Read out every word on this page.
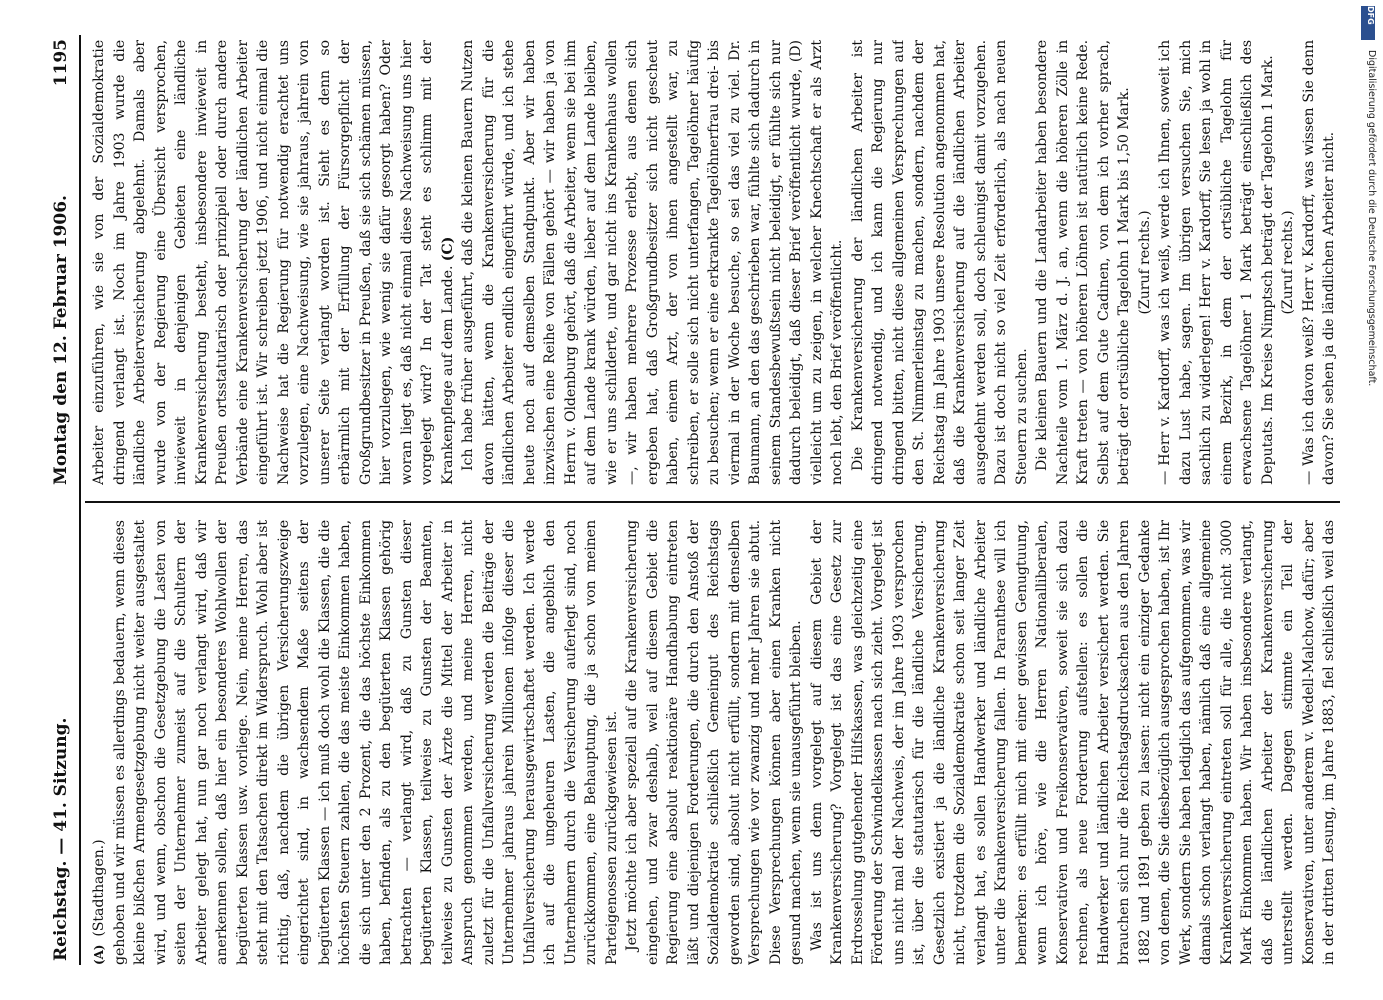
Reichstag. — 41. Sitzung.
Montag den 12. Februar 1906.
1195

(A)(Stadthagen.) gehoben und wir müssen es allerdings bedauern, wenn dieses kleine bißchen Armengesetzgebung nicht weiter ausgestaltet wird, und wenn, obschon die Gesetzgebung die Lasten von seiten der Unternehmer zumeist auf die Schultern der Arbeiter gelegt hat, nun gar noch verlangt wird, daß wir anerkennen sollen, daß hier ein besonderes Wohlwollen der begüterten Klassen usw. vorliege. Nein, meine Herren, das steht mit den Tatsachen direkt im Widerspruch. Wohl aber ist richtig, daß, nachdem die übrigen Versicherungszweige eingerichtet sind, in wachsendem Maße seitens der begüterten Klassen — ich muß doch wohl die Klassen, die die höchsten Steuern zahlen, die das meiste Einkommen haben, die sich unter den 2 Prozent, die das höchste Einkommen haben, befinden, als zu den begüterten Klassen gehörig betrachten — verlangt wird, daß zu Gunsten dieser begüterten Klassen, teilweise zu Gunsten der Beamten, teilweise zu Gunsten der Ärzte die Mittel der Arbeiter in Anspruch genommen werden, und meine Herren, nicht zuletzt für die Unfallversicherung werden die Beiträge der Unternehmer jahraus jahrein Millionen infolge dieser die Unfallversicherung herausgewirtschaftet werden. Ich werde ich auf die ungeheuren Lasten, die angeblich den Unternehmern durch die Versicherung auferlegt sind, noch zurückkommen, eine Behauptung, die ja schon von meinen Parteigenossen zurückgewiesen ist. Jetzt möchte ich aber speziell auf die Krankenversicherung eingehen, und zwar deshalb, weil auf diesem Gebiet die Regierung eine absolut reaktionäre Handhabung eintreten läßt und diejenigen Forderungen, die durch den Anstoß der Sozialdemokratie schließlich Gemeingut des Reichstags geworden sind, absolut nicht erfüllt, sondern mit denselben Versprechungen wie vor zwanzig und mehr Jahren sie abtut. Diese Versprechungen können aber einen Kranken nicht gesund machen, wenn sie unausgeführt bleiben. Was ist uns denn vorgelegt auf diesem Gebiet der Krankenversicherung? Vorgelegt ist das eine Gesetz zur Erdrosselung gutgehender Hilfskassen, was gleichzeitig eine Förderung der Schwindelkassen nach sich zieht. Vorgelegt ist uns nicht mal der Nachweis, der im Jahre 1903 versprochen ist, über die statutarisch für die ländliche Versicherung. Gesetzlich existiert ja die ländliche Krankenversicherung nicht, trotzdem die Sozialdemokratie schon seit langer Zeit verlangt hat, es sollen Handwerker und ländliche Arbeiter unter die Krankenversicherung fallen. In Paranthese will ich bemerken: es erfüllt mich mit einer gewissen Genugtuung, wenn ich höre, wie die Herren Nationalliberalen, Konservativen und Freikonservativen, soweit sie sich dazu rechnen, als neue Forderung aufstellen: es sollen die Handwerker und ländlichen Arbeiter versichert werden. Sie brauchen sich nur die Reichstagsdrucksachen aus den Jahren 1882 und 1891 geben zu lassen: nicht ein einziger Gedanke von denen, die Sie diesbezüglich ausgesprochen haben, ist Ihr Werk, sondern Sie haben lediglich das aufgenommen, was wir damals schon verlangt haben, nämlich daß eine allgemeine Krankenversicherung eintreten soll für alle, die nicht 3000 Mark Einkommen haben. Wir haben insbesondere verlangt, daß die ländlichen Arbeiter der Krankenversicherung unterstellt werden. Dagegen stimmte ein Teil der Konservativen, unter anderem v. Wedell-Malchow, dafür; aber in der dritten Lesung, im Jahre 1883, fiel schließlich weil das

Arbeiter einzuführen, wie sie von der Sozialdemokratie dringend verlangt ist. Noch im Jahre 1903 wurde die ländliche Arbeiterversicherung abgelehnt. Damals aber wurde von der Regierung eine Übersicht versprochen, inwieweit in denjenigen Gebieten eine ländliche Krankenversicherung besteht, insbesondere inwieweit in Preußen ortsstatutarisch oder prinzipiell oder durch andere Verbände eine Krankenversicherung der ländlichen Arbeiter eingeführt ist. Wir schreiben jetzt 1906, und nicht einmal die Nachweise hat die Regierung für notwendig erachtet uns vorzulegen, eine Nachweisung, wie sie jahraus, jahrein von unserer Seite verlangt worden ist. Sieht es denn so erbärmlich mit der Erfüllung der Fürsorgepflicht der Großgrundbesitzer in Preußen, daß sie sich schämen müssen, hier vorzulegen, wie wenig sie dafür gesorgt haben? Oder woran liegt es, daß nicht einmal diese Nachweisung uns hier vorgelegt wird? In der Tat steht es schlimm mit der Krankenpflege auf dem Lande. (C) Ich habe früher ausgeführt, daß die kleinen Bauern Nutzen davon hätten, wenn die Krankenversicherung für die ländlichen Arbeiter endlich eingeführt würde, und ich stehe heute noch auf demselben Standpunkt. Aber wir haben inzwischen eine Reihe von Fällen gehört — wir haben ja von Herrn v. Oldenburg gehört, daß die Arbeiter, wenn sie bei ihm auf dem Lande krank würden, lieber auf dem Lande bleiben, wie er uns schilderte, und gar nicht ins Krankenhaus wollen —, wir haben mehrere Prozesse erlebt, aus denen sich ergeben hat, daß Großgrundbesitzer sich nicht gescheut haben, einem Arzt, der von ihnen angestellt war, zu schreiben, er solle sich nicht unterfangen, Tagelöhner häufig zu besuchen; wenn er eine erkrankte Tagelöhnerfrau drei- bis viermal in der Woche besuche, so sei das viel zu viel. Dr. Baumann, an den das geschrieben war, fühlte sich dadurch in seinem Standesbewußtsein nicht beleidigt, er fühlte sich nur dadurch beleidigt, daß dieser Brief veröffentlicht wurde, (D) vielleicht um zu zeigen, in welcher Knechtschaft er als Arzt noch lebt, den Brief veröffentlicht. Die Krankenversicherung der ländlichen Arbeiter ist dringend notwendig, und ich kann die Regierung nur dringend bitten, nicht diese allgemeinen Versprechungen auf den St. Nimmerleinstag zu machen, sondern, nachdem der Reichstag im Jahre 1903 unsere Resolution angenommen hat, daß die Krankenversicherung auf die ländlichen Arbeiter ausgedehnt werden soll, doch schleunigst damit vorzugehen. Dazu ist doch nicht so viel Zeit erforderlich, als nach neuen Steuern zu suchen. Die kleinen Bauern und die Landarbeiter haben besondere Nachteile vom 1. März d. J. an, wenn die höheren Zölle in Kraft treten — von höheren Löhnen ist natürlich keine Rede. Selbst auf dem Gute Cadinen, von dem ich vorher sprach, beträgt der ortsübliche Tagelohn 1 Mark bis 1,50 Mark. (Zuruf rechts.) — Herr v. Kardorff, was ich weiß, werde ich Ihnen, soweit ich dazu Lust habe, sagen. Im übrigen versuchen Sie, mich sachlich zu widerlegen! Herr v. Kardorff, Sie lesen ja wohl in einem Bezirk, in dem der ortsübliche Tagelohn für erwachsene Tagelöhner 1 Mark beträgt einschließlich des Deputats. Im Kreise Nimptsch beträgt der Tagelohn 1 Mark. (Zuruf rechts.) — Was ich davon weiß? Herr v. Kardorff, was wissen Sie denn davon? Sie sehen ja die ländlichen Arbeiter nicht.

DFG
Digitalisierung gefördert durch die Deutsche Forschungsgemeinschaft.
